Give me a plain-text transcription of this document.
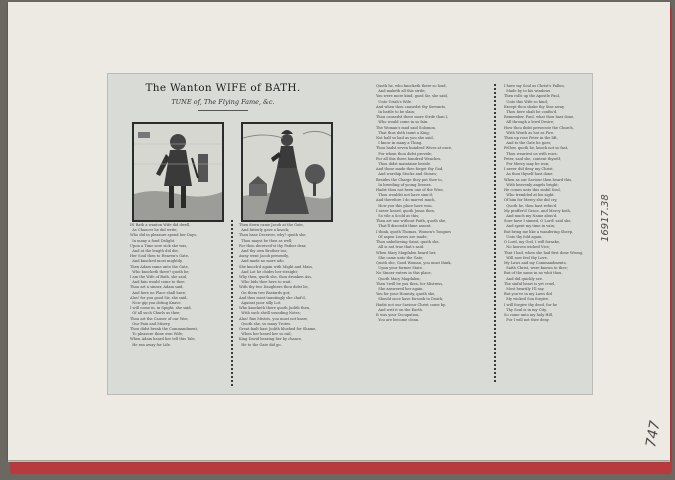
The Wanton WIFE of BATH.
TUNE of, The Flying Fame, &c.
IN Bath a wanton Wife did dwell,
As Chaucer he did write;
Who did in pleasure spend her Days,
In many a fond Delight.
Upon a Time sore sick she was,
And at the length did die;
Her Soul then to Heaven's Gate,
And knocked most mightily.
Then Adam came unto the Gate,
Who knocketh there? quoth he;
I am the Wife of Bath, she said,
And fain would come to thee.
Thou art a sinner, Adam said,
And here no Place shall have;
Alas! for you good Sir, she said,
Now gip you doting Knave.
I will come in, in Spight, she said,
Of all such Churls as thee;
Thou art the Causer of our Woe,
Our Pain and Misery.
Thou didst break the Commandment,
To pleasure thine own Wife;
When Adam heard her tell this Tale,
He ran away for Life.
Then down came Jacob at the Gate,
And bitterly gave a knock;
Thou base Deceiver, why? quoth she,
Thou mayst be then as well;
For thou deceived'st thy Father dear,
And thy own Brother too;
Away went Jacob presently,
And made no more ado.
She knock'd again with Might and Main,
And Lot he chides her straight;
Why then, quoth she, thou drunken Ass,
Who bids thee here to wait.
With thy two Daughters thou didst lie,
On them two Bastards got;
And thus most tauntingly she chaf'd,
Against poor silly Lot.
Who knocketh there quoth Judith then,
With such shrill sounding Notes;
Alas! fine Mistris, you must not know,
Quoth she, so many Trotes.
Great fault hast Judith blushed for Shame,
When her heard her so rail;
King David hearing her by chance,
He to the Gate did go.
Quoth he, who knocketh there so loud,
And maketh all this strife;
You were more kind, good Sir, she said,
Unto Uriah's Wife.
And when thou causedst thy Servants,
In battle to be slain;
Thou causedst there more Strife than I,
Who would come in so fain.
The Woman's mad said Solomon,
That thus doth taunt a King;
Not half so bad as you she said,
I know in many a Thing.
Thou hadst seven hundred Wives at once,
For whom thou didst provide;
For all this three hundred Wenches,
Thou didst maintaine beside.
And those made thee forget thy God,
And worship Stocks and Stones;
Besides the Charge they put thee to,
In breeding of young Drones.
Hadst thou not been one of the Wise,
Thou wouldst not have sinn'd;
And therefore I do marvel much,
How you this place have won.
I never heard, quoth Jonas then,
So vile a Scold as this;
Thou art one without Faith, quoth she,
That'll discredit thine assent.
I think, quoth Thomas, Women's Tongues
Of aspen Leaves are made;
Thou unbelieving Saint, quoth she,
All is not true that's said.
When Mary Magdalen heard her,
She came unto the Gate;
Quoth she, Good Woman, you must think,
Upon your former State.
No Sinner enters in this place,
Quoth Mary Magdalen;
Then 'twill be you then, for Mistress,
She answered her again.
You for your Honesty, quoth she,
Should once have forsook to Death;
Hadst not our Saviour Christ come by,
And writ it on the Earth.
It was your Occupation,
You are become clean.
I have my Soul as Christ's Pallon,
Made by to his windows.
Then rolls up the Apostle Paul,
Unto this Wife so kind;
Except thou shake thy Sins away,
Thou here shalt be confin'd.
Remember, Paul, what thou hast done,
All through a lewd Desire;
How thou didst persecute the Church,
With Wrath as hot as Fire.
Then up rose Peter in the lift,
And to the Gate he goes;
Fellow, quoth he, knock not so fast,
Thou weariest us with rows.
Peter, said she, content thyself,
For Mercy may be won;
I never did deny my Christ,
As thou thyself hast done.
When as our Saviour then heard this,
With heavenly angels bright;
He comes unto this sinful Soul,
Who trembled at his sight.
Of him for Mercy she did cry,
Quoth he, thou hast refus'd
My proffer'd Grace, and Mercy both,
And much my Name abus'd.
Sore have I sinned, O Lord! said she,
And spent my time in vain;
But bring me like a wandering Sheep,
Unto thy fold again.
O Lord, my God, I will forsake,
No heaven wicked Vice;
That I had, when she had first done Wrong,
Will now feel thy Love.
My Laws and my Commandments,
Saith Christ, were known to thee;
But of the same in no whit thou,
And did quickly see.
The sinful heart is yet cruel,
Most heartily I'll say.
But you've in my Laws did
My wicked Son forgive.
I will forgive thy deed, for he
Thy Soul is in my City.
So come unto my holy Hill,
For I will not thee deny.
16917.38
747
